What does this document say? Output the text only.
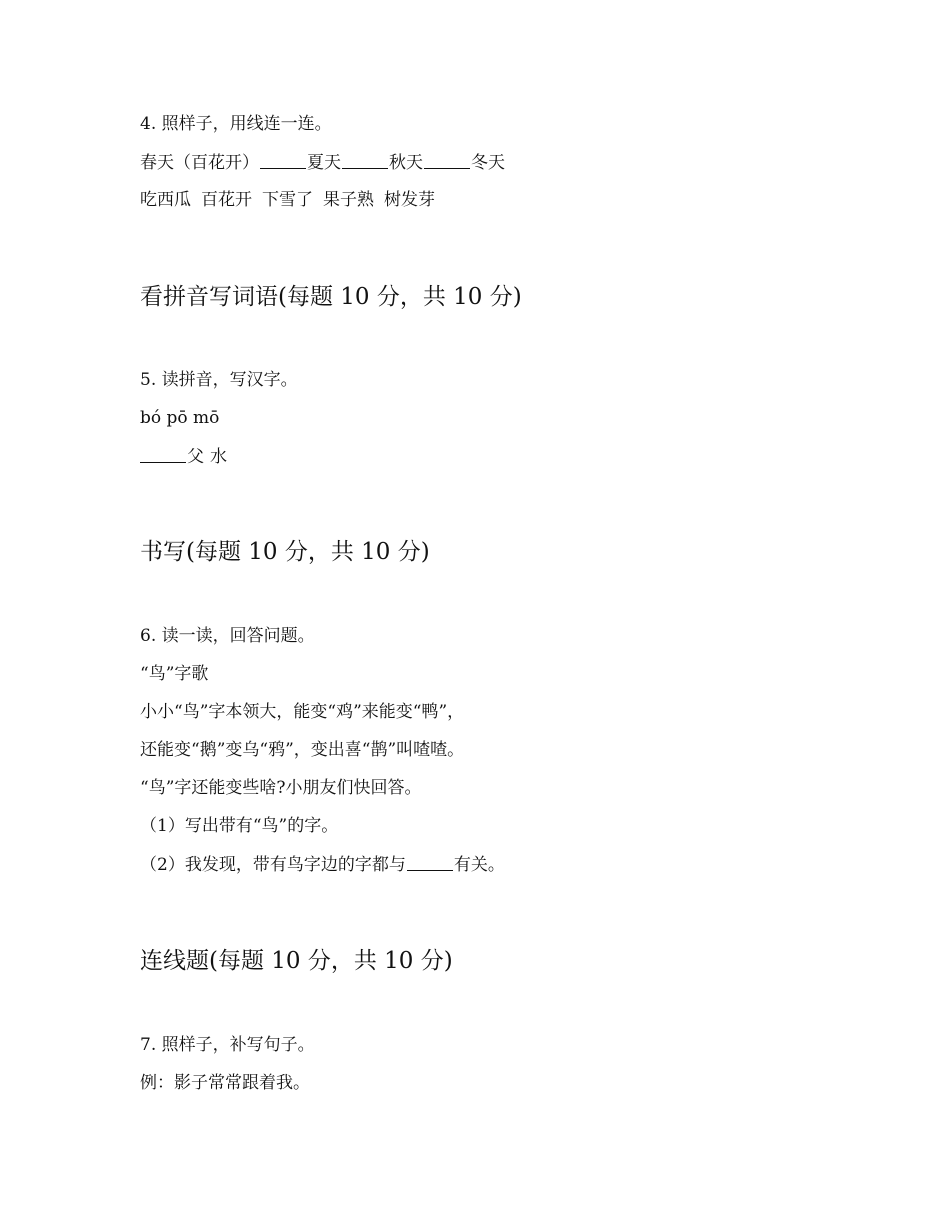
4. 照样子，用线连一连。
春天（百花开）	夏天	秋天	冬天
吃西瓜 百花开 下雪了 果子熟 树发芽
看拼音写词语(每题 10 分，共 10 分)
5. 读拼音，写汉字。
bó pō mō
父 水
书写(每题 10 分，共 10 分)
6. 读一读，回答问题。
“鸟”字歌
小小“鸟”字本领大，能变“鸡”来能变“鸭”，
还能变“鹅”变乌“鸦”，变出喜“鹊”叫喳喳。
“鸟”字还能变些啥?小朋友们快回答。
（1）写出带有“鸟”的字。
（2）我发现，带有鸟字边的字都与	有关。
连线题(每题 10 分，共 10 分)
7. 照样子，补写句子。
例：影子常常跟着我。
